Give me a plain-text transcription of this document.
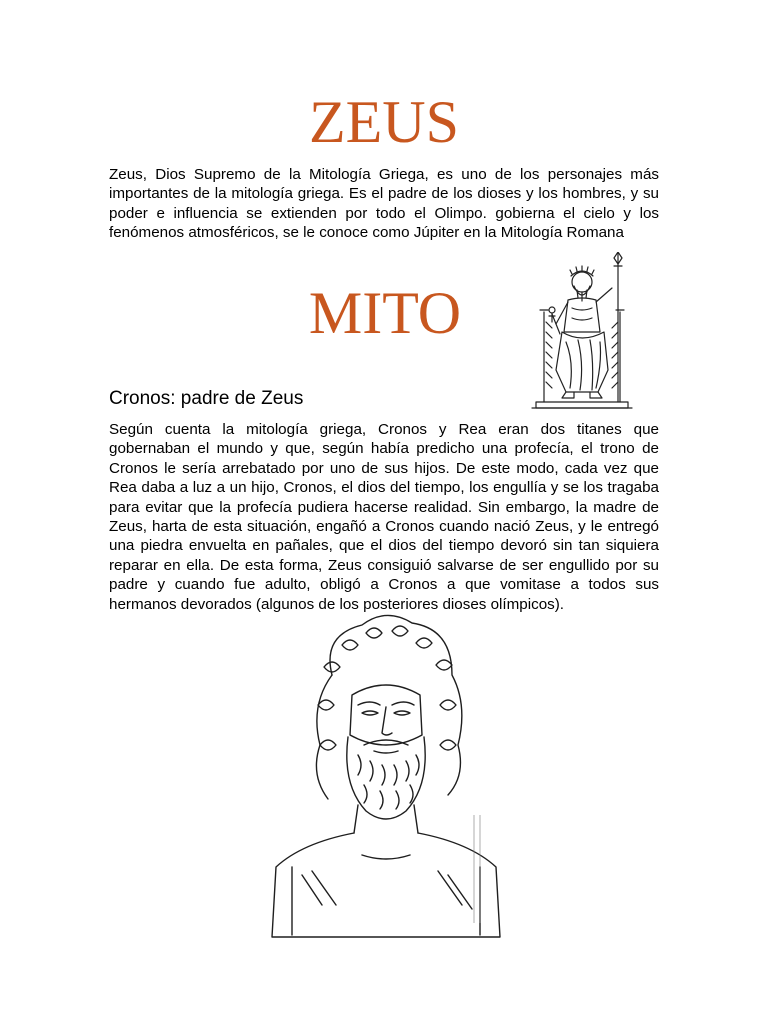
ZEUS

Zeus, Dios Supremo de la Mitología Griega, es uno de los personajes más importantes de la mitología griega. Es el padre de los dioses y los hombres, y su poder e influencia se extienden por todo el Olimpo. gobierna el cielo y los fenómenos atmosféricos, se le conoce como Júpiter en la Mitología Romana

MITO
Cronos: padre de Zeus

Según cuenta la mitología griega, Cronos y Rea eran dos titanes que gobernaban el mundo y que, según había predicho una profecía, el trono de Cronos le sería arrebatado por uno de sus hijos. De este modo, cada vez que Rea daba a luz a un hijo, Cronos, el dios del tiempo, los engullía y se los tragaba para evitar que la profecía pudiera hacerse realidad. Sin embargo, la madre de Zeus, harta de esta situación, engañó a Cronos cuando nació Zeus, y le entregó una piedra envuelta en pañales, que el dios del tiempo devoró sin tan siquiera reparar en ella. De esta forma, Zeus consiguió salvarse de ser engullido por su padre y cuando fue adulto, obligó a Cronos a que vomitase a todos sus hermanos devorados (algunos de los posteriores dioses olímpicos).
